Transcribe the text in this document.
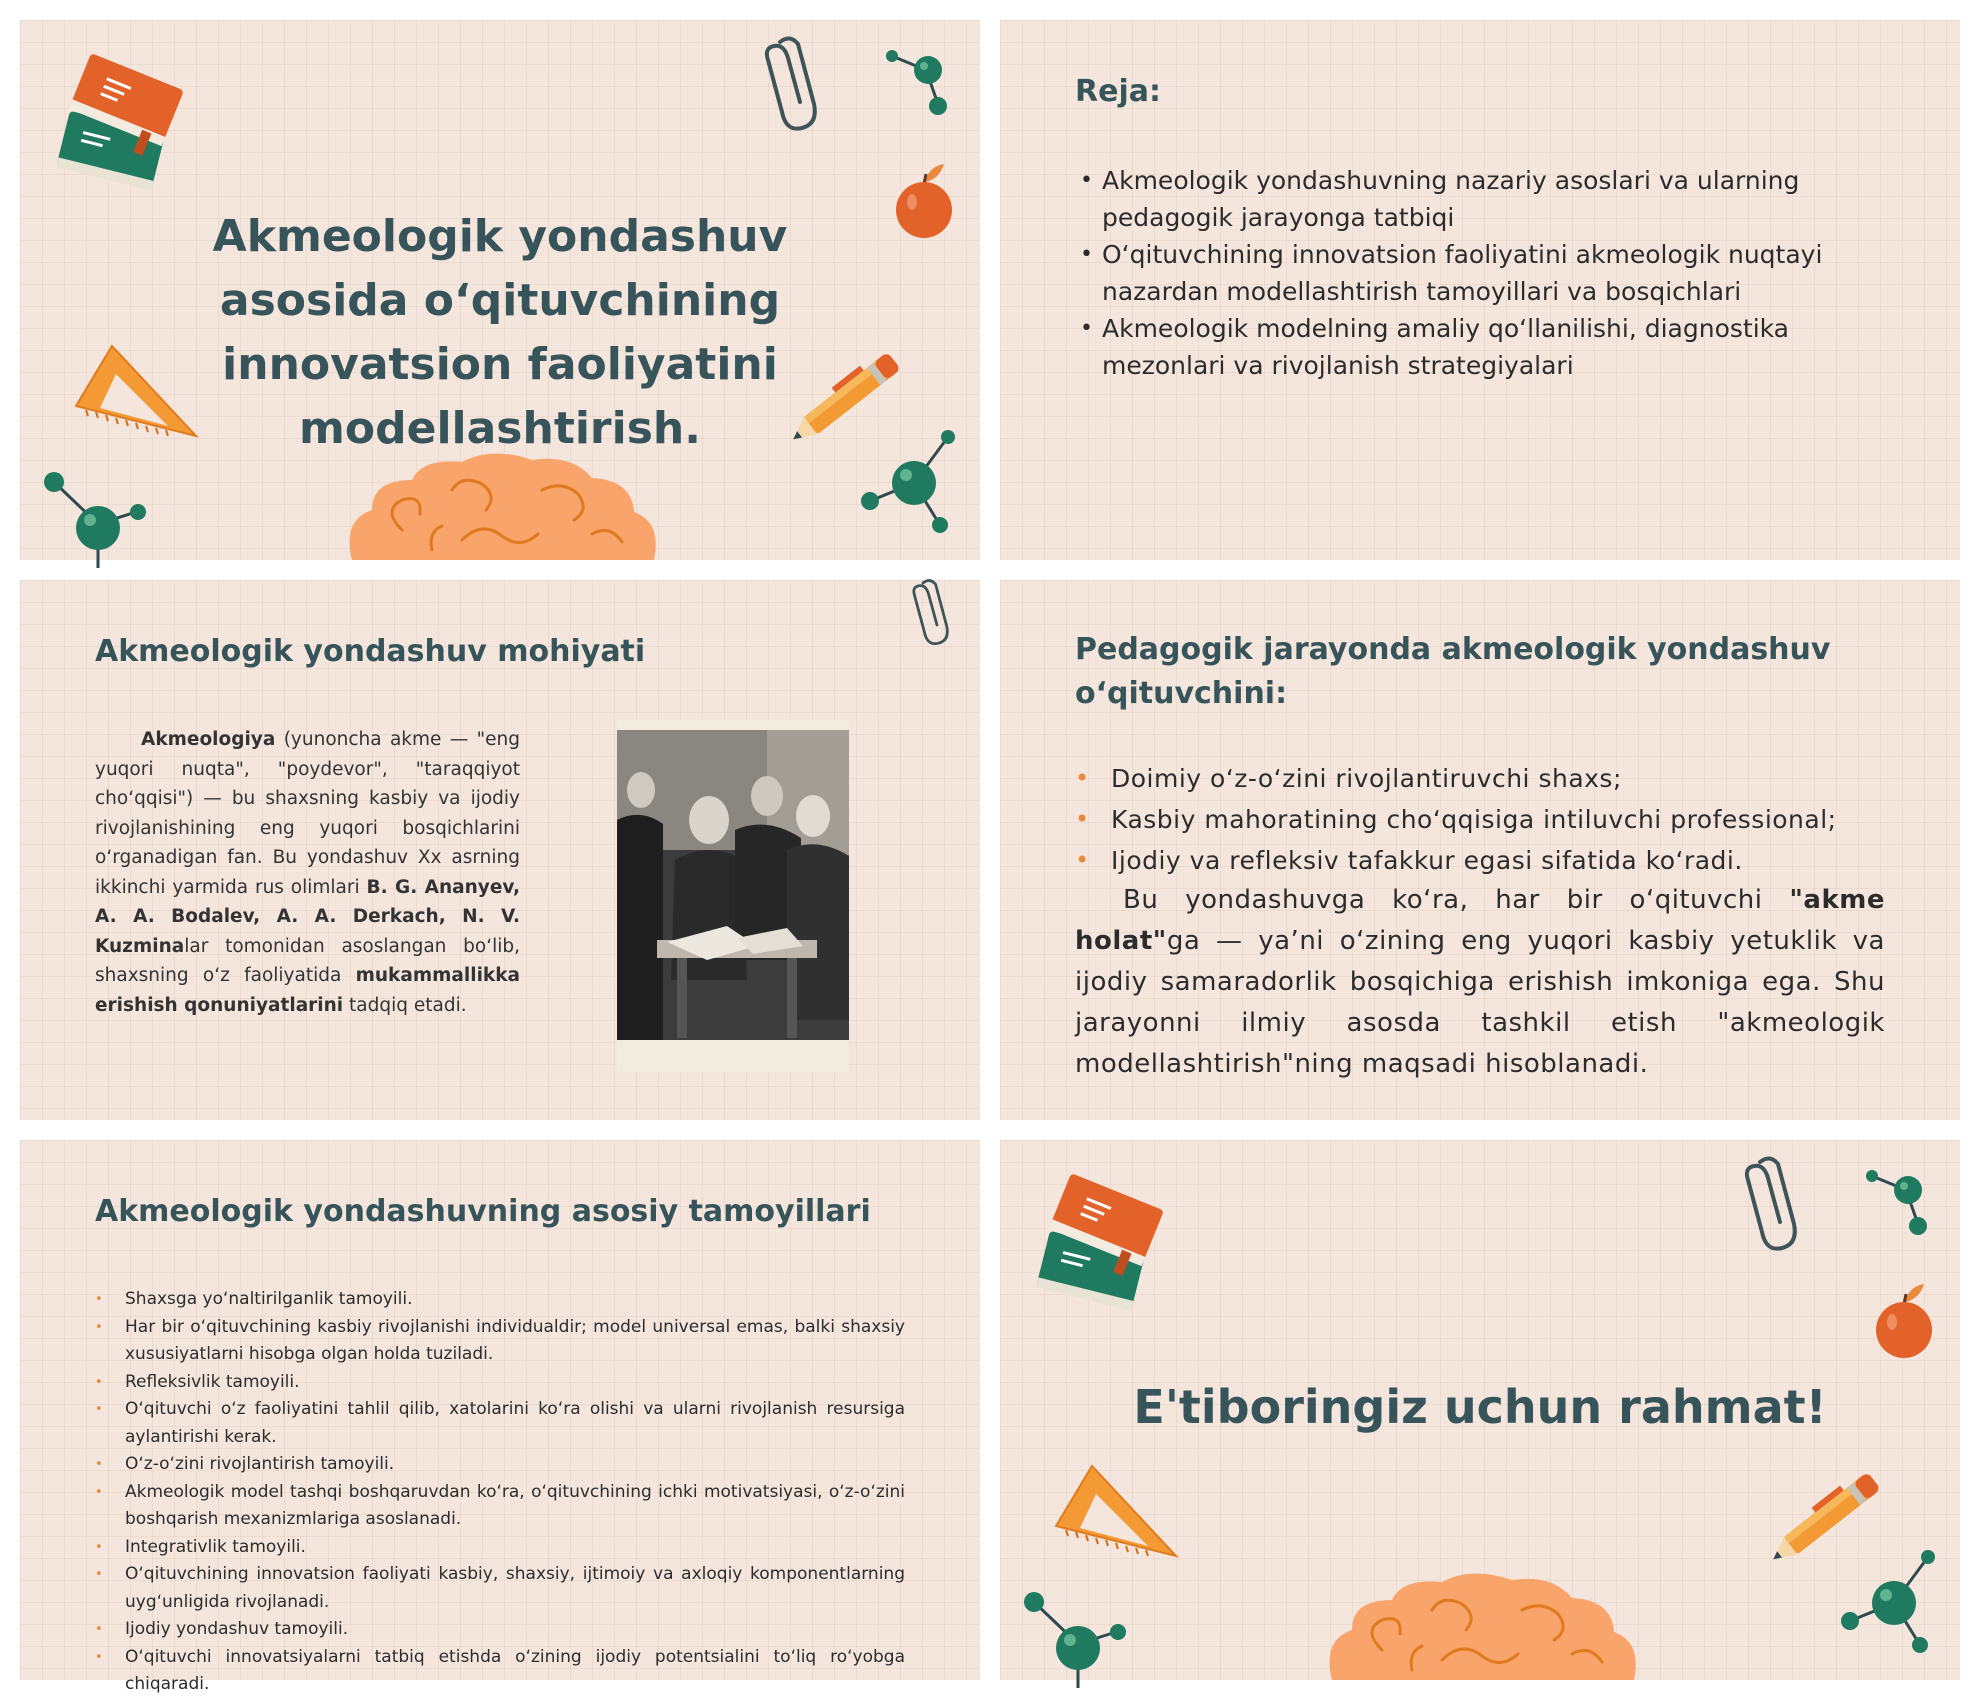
Akmeologik yondashuv asosida o‘qituvchining innovatsion faoliyatini modellashtirish.
Reja:
• Akmeologik yondashuvning nazariy asoslari va ularning pedagogik jarayonga tatbiqi
• O‘qituvchining innovatsion faoliyatini akmeologik nuqtayi nazardan modellashtirish tamoyillari va bosqichlari
• Akmeologik modelning amaliy qo‘llanilishi, diagnostika mezonlari va rivojlanish strategiyalari
Akmeologik yondashuv mohiyati

Akmeologiya (yunoncha akme — "eng yuqori nuqta", "poydevor", "taraqqiyot cho‘qqisi") — bu shaxsning kasbiy va ijodiy rivojlanishining eng yuqori bosqichlarini o‘rganadigan fan. Bu yondashuv Xx asrning ikkinchi yarmida rus olimlari B. G. Ananyev, A. A. Bodalev, A. A. Derkach, N. V. Kuzminalar tomonidan asoslangan bo‘lib, shaxsning o‘z faoliyatida mukammallikka erishish qonuniyatlarini tadqiq etadi.

Pedagogik jarayonda akmeologik yondashuv o‘qituvchini:
• Doimiy o‘z-o‘zini rivojlantiruvchi shaxs;
• Kasbiy mahoratining cho‘qqisiga intiluvchi professional;
• Ijodiy va refleksiv tafakkur egasi sifatida ko‘radi.

Bu yondashuvga ko‘ra, har bir o‘qituvchi "akme holat"ga — ya’ni o‘zining eng yuqori kasbiy yetuklik va ijodiy samaradorlik bosqichiga erishish imkoniga ega. Shu jarayonni ilmiy asosda tashkil etish "akmeologik modellashtirish"ning maqsadi hisoblanadi.

Akmeologik yondashuvning asosiy tamoyillari
• Shaxsga yo‘naltirilganlik tamoyili.
• Har bir o‘qituvchining kasbiy rivojlanishi individualdir; model universal emas, balki shaxsiy xususiyatlarni hisobga olgan holda tuziladi.
• Refleksivlik tamoyili.
• O‘qituvchi o‘z faoliyatini tahlil qilib, xatolarini ko‘ra olishi va ularni rivojlanish resursiga aylantirishi kerak.
• O‘z-o‘zini rivojlantirish tamoyili.
• Akmeologik model tashqi boshqaruvdan ko‘ra, o‘qituvchining ichki motivatsiyasi, o‘z-o‘zini boshqarish mexanizmlariga asoslanadi.
• Integrativlik tamoyili.
• O‘qituvchining innovatsion faoliyati kasbiy, shaxsiy, ijtimoiy va axloqiy komponentlarning uyg‘unligida rivojlanadi.
• Ijodiy yondashuv tamoyili.
• O‘qituvchi innovatsiyalarni tatbiq etishda o‘zining ijodiy potentsialini to‘liq ro‘yobga chiqaradi.
E'tiboringiz uchun rahmat!
